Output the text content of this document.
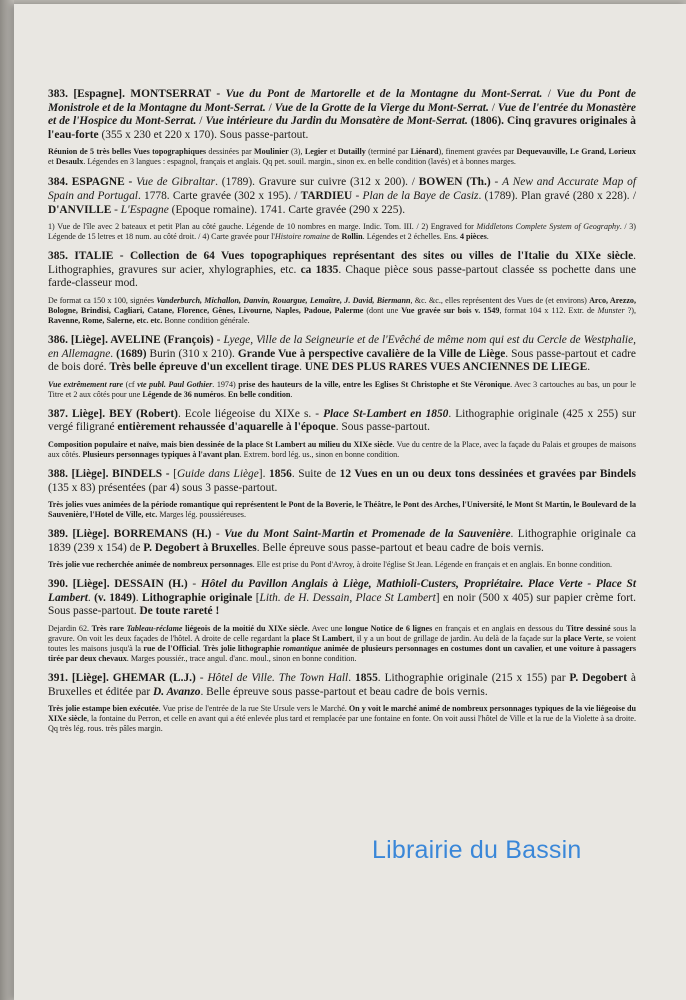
383. [Espagne]. MONTSERRAT - Vue du Pont de Martorelle et de la Montagne du Mont-Serrat. / Vue du Pont de Monistrole et de la Montagne du Mont-Serrat. / Vue de la Grotte de la Vierge du Mont-Serrat. / Vue de l'entrée du Monastère et de l'Hospice du Mont-Serrat. / Vue intérieure du Jardin du Monsatère de Mont-Serrat. (1806). Cinq gravures originales à l'eau-forte (355 x 230 et 220 x 170). Sous passe-partout.

Réunion de 5 très belles Vues topographiques dessinées par Moulinier (3), Legier et Dutailly (terminé par Liénard), finement gravées par Dequevauville, Le Grand, Lorieux et Desaulx. Légendes en 3 langues : espagnol, français et anglais. Qq pet. souil. margin., sinon ex. en belle condition (lavés) et à bonnes marges.

384. ESPAGNE - Vue de Gibraltar. (1789). Gravure sur cuivre (312 x 200). / BOWEN (Th.) - A New and Accurate Map of Spain and Portugal. 1778. Carte gravée (302 x 195). / TARDIEU - Plan de la Baye de Casiz. (1789). Plan gravé (280 x 228). / D'ANVILLE - L'Espagne (Epoque romaine). 1741. Carte gravée (290 x 225).

1) Vue de l'île avec 2 bateaux et petit Plan au côté gauche. Légende de 10 nombres en marge. Indic. Tom. III. / 2) Engraved for Middletons Complete System of Geography. / 3) Légende de 15 letres et 18 num. au côté droit. / 4) Carte gravée pour l'Histoire romaine de Rollin. Légendes et 2 échelles. Ens. 4 pièces.

385. ITALIE - Collection de 64 Vues topographiques représentant des sites ou villes de l'Italie du XIXe siècle. Lithographies, gravures sur acier, xhylographies, etc. ca 1835. Chaque pièce sous passe-partout classée ss pochette dans une farde-classeur mod.

De format ca 150 x 100, signées Vanderburch, Michallon, Danvin, Rouargue, Lemaître, J. David, Biermann, &c. &c., elles représentent des Vues de (et environs) Arco, Arezzo, Bologne, Brindisi, Cagliari, Catane, Florence, Gênes, Livourne, Naples, Padoue, Palerme (dont une Vue gravée sur bois v. 1549, format 104 x 112. Extr. de Munster ?), Ravenne, Rome, Salerne, etc. etc. Bonne condition générale.

386. [Liège]. AVELINE (François) - Lyege, Ville de la Seigneurie et de l'Evêché de même nom qui est du Cercle de Westphalie, en Allemagne. (1689) Burin (310 x 210). Grande Vue à perspective cavalière de la Ville de Liège. Sous passe-partout et cadre de bois doré. Très belle épreuve d'un excellent tirage. UNE DES PLUS RARES VUES ANCIENNES DE LIEGE.

Vue extrêmement rare (cf vte publ. Paul Gothier. 1974) prise des hauteurs de la ville, entre les Eglises St Christophe et Ste Véronique. Avec 3 cartouches au bas, un pour le Titre et 2 aux côtés pour une Légende de 36 numéros. En belle condition.

387. Liège]. BEY (Robert). Ecole liégeoise du XIXe s. - Place St-Lambert en 1850. Lithographie originale (425 x 255) sur vergé filigrané entièrement rehaussée d'aquarelle à l'époque. Sous passe-partout.

Composition populaire et naïve, mais bien dessinée de la place St Lambert au milieu du XIXe siècle. Vue du centre de la Place, avec la façade du Palais et groupes de maisons aux côtés. Plusieurs personnages typiques à l'avant plan. Extrem. bord lég. us., sinon en bonne condition.

388. [Liège]. BINDELS - [Guide dans Liège]. 1856. Suite de 12 Vues en un ou deux tons dessinées et gravées par Bindels (135 x 83) présentées (par 4) sous 3 passe-partout.

Très jolies vues animées de la période romantique qui représentent le Pont de la Boverie, le Théâtre, le Pont des Arches, l'Université, le Mont St Martin, le Boulevard de la Sauvenière, l'Hotel de Ville, etc. Marges lég. poussiéreuses.

389. [Liège]. BORREMANS (H.) - Vue du Mont Saint-Martin et Promenade de la Sauvenière. Lithographie originale ca 1839 (239 x 154) de P. Degobert à Bruxelles. Belle épreuve sous passe-partout et beau cadre de bois vernis.

Très jolie vue recherchée animée de nombreux personnages. Elle est prise du Pont d'Avroy, à droite l'église St Jean. Légende en français et en anglais. En bonne condition.

390. [Liège]. DESSAIN (H.) - Hôtel du Pavillon Anglais à Liège, Mathioli-Custers, Propriétaire. Place Verte - Place St Lambert. (v. 1849). Lithographie originale [Lith. de H. Dessain, Place St Lambert] en noir (500 x 405) sur papier crème fort. Sous passe-partout. De toute rareté !

Dejardin 62. Très rare Tableau-réclame liégeois de la moitié du XIXe siècle. Avec une longue Notice de 6 lignes en français et en anglais en dessous du Titre dessiné sous la gravure. On voit les deux façades de l'hôtel. A droite de celle regardant la place St Lambert, il y a un bout de grillage de jardin. Au delà de la façade sur la place Verte, se voient toutes les maisons jusqu'à la rue de l'Official. Très jolie lithographie romantique animée de plusieurs personnages en costumes dont un cavalier, et une voiture à passagers tirée par deux chevaux. Marges poussiér., trace angul. d'anc. moul., sinon en bonne condition.

391. [Liège]. GHEMAR (L.J.) - Hôtel de Ville. The Town Hall. 1855. Lithographie originale (215 x 155) par P. Degobert à Bruxelles et éditée par D. Avanzo. Belle épreuve sous passe-partout et beau cadre de bois vernis.

Très jolie estampe bien exécutée. Vue prise de l'entrée de la rue Ste Ursule vers le Marché. On y voit le marché animé de nombreux personnages typiques de la vie liégeoise du XIXe siècle, la fontaine du Perron, et celle en avant qui a été enlevée plus tard et remplacée par une fontaine en fonte. On voit aussi l'hôtel de Ville et la rue de la Violette à sa droite. Qq très lég. rous. très pâles margin.

Librairie du Bassin
